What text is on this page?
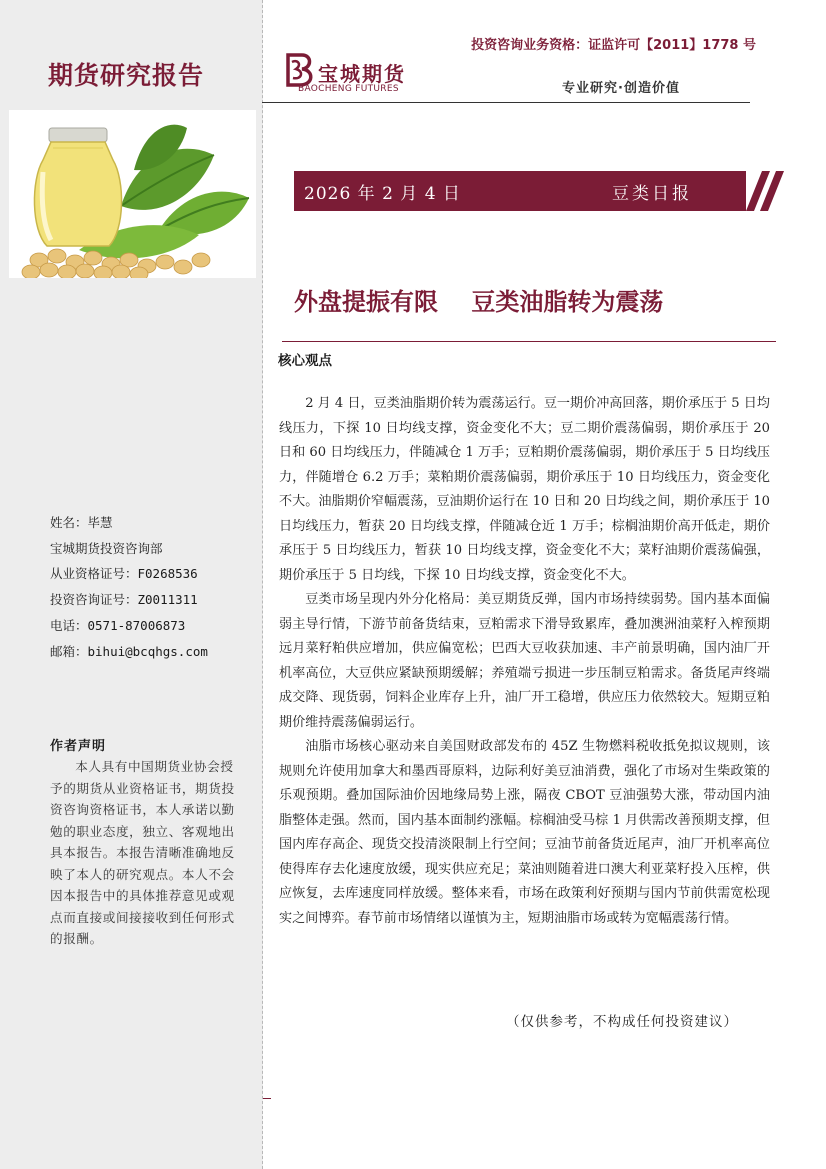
期货研究报告
姓名：毕慧
宝城期货投资咨询部
从业资格证号：F0268536
投资咨询证号：Z0011311
电话：0571-87006873
邮箱：bihui@bcqhgs.com
作者声明
本人具有中国期货业协会授予的期货从业资格证书，期货投资咨询资格证书，本人承诺以勤勉的职业态度，独立、客观地出具本报告。本报告清晰准确地反映了本人的研究观点。本人不会因本报告中的具体推荐意见或观点而直接或间接接收到任何形式的报酬。
投资咨询业务资格：证监许可【2011】1778 号
宝城期货
BAOCHENG FUTURES	专业研究·创造价值
2026 年 2 月 4 日	豆类日报
外盘提振有限    豆类油脂转为震荡
核心观点

2 月 4 日，豆类油脂期价转为震荡运行。豆一期价冲高回落，期价承压于 5 日均线压力，下探 10 日均线支撑，资金变化不大；豆二期价震荡偏弱，期价承压于 20 日和 60 日均线压力，伴随减仓 1 万手；豆粕期价震荡偏弱，期价承压于 5 日均线压力，伴随增仓 6.2 万手；菜粕期价震荡偏弱，期价承压于 10 日均线压力，资金变化不大。油脂期价窄幅震荡，豆油期价运行在 10 日和 20 日均线之间，期价承压于 10 日均线压力，暂获 20 日均线支撑，伴随减仓近 1 万手；棕榈油期价高开低走，期价承压于 5 日均线压力，暂获 10 日均线支撑，资金变化不大；菜籽油期价震荡偏强，期价承压于 5 日均线，下探 10 日均线支撑，资金变化不大。

豆类市场呈现内外分化格局：美豆期货反弹，国内市场持续弱势。国内基本面偏弱主导行情，下游节前备货结束，豆粕需求下滑导致累库，叠加澳洲油菜籽入榨预期远月菜籽粕供应增加，供应偏宽松；巴西大豆收获加速、丰产前景明确，国内油厂开机率高位，大豆供应紧缺预期缓解；养殖端亏损进一步压制豆粕需求。备货尾声终端成交降、现货弱，饲料企业库存上升，油厂开工稳增，供应压力依然较大。短期豆粕期价维持震荡偏弱运行。

油脂市场核心驱动来自美国财政部发布的 45Z 生物燃料税收抵免拟议规则，该规则允许使用加拿大和墨西哥原料，边际利好美豆油消费，强化了市场对生柴政策的乐观预期。叠加国际油价因地缘局势上涨，隔夜 CBOT 豆油强势大涨，带动国内油脂整体走强。然而，国内基本面制约涨幅。棕榈油受马棕 1 月供需改善预期支撑，但国内库存高企、现货交投清淡限制上行空间；豆油节前备货近尾声，油厂开机率高位使得库存去化速度放缓，现实供应充足；菜油则随着进口澳大利亚菜籽投入压榨，供应恢复，去库速度同样放缓。整体来看，市场在政策利好预期与国内节前供需宽松现实之间博弈。春节前市场情绪以谨慎为主，短期油脂市场或转为宽幅震荡行情。

（仅供参考，不构成任何投资建议）
